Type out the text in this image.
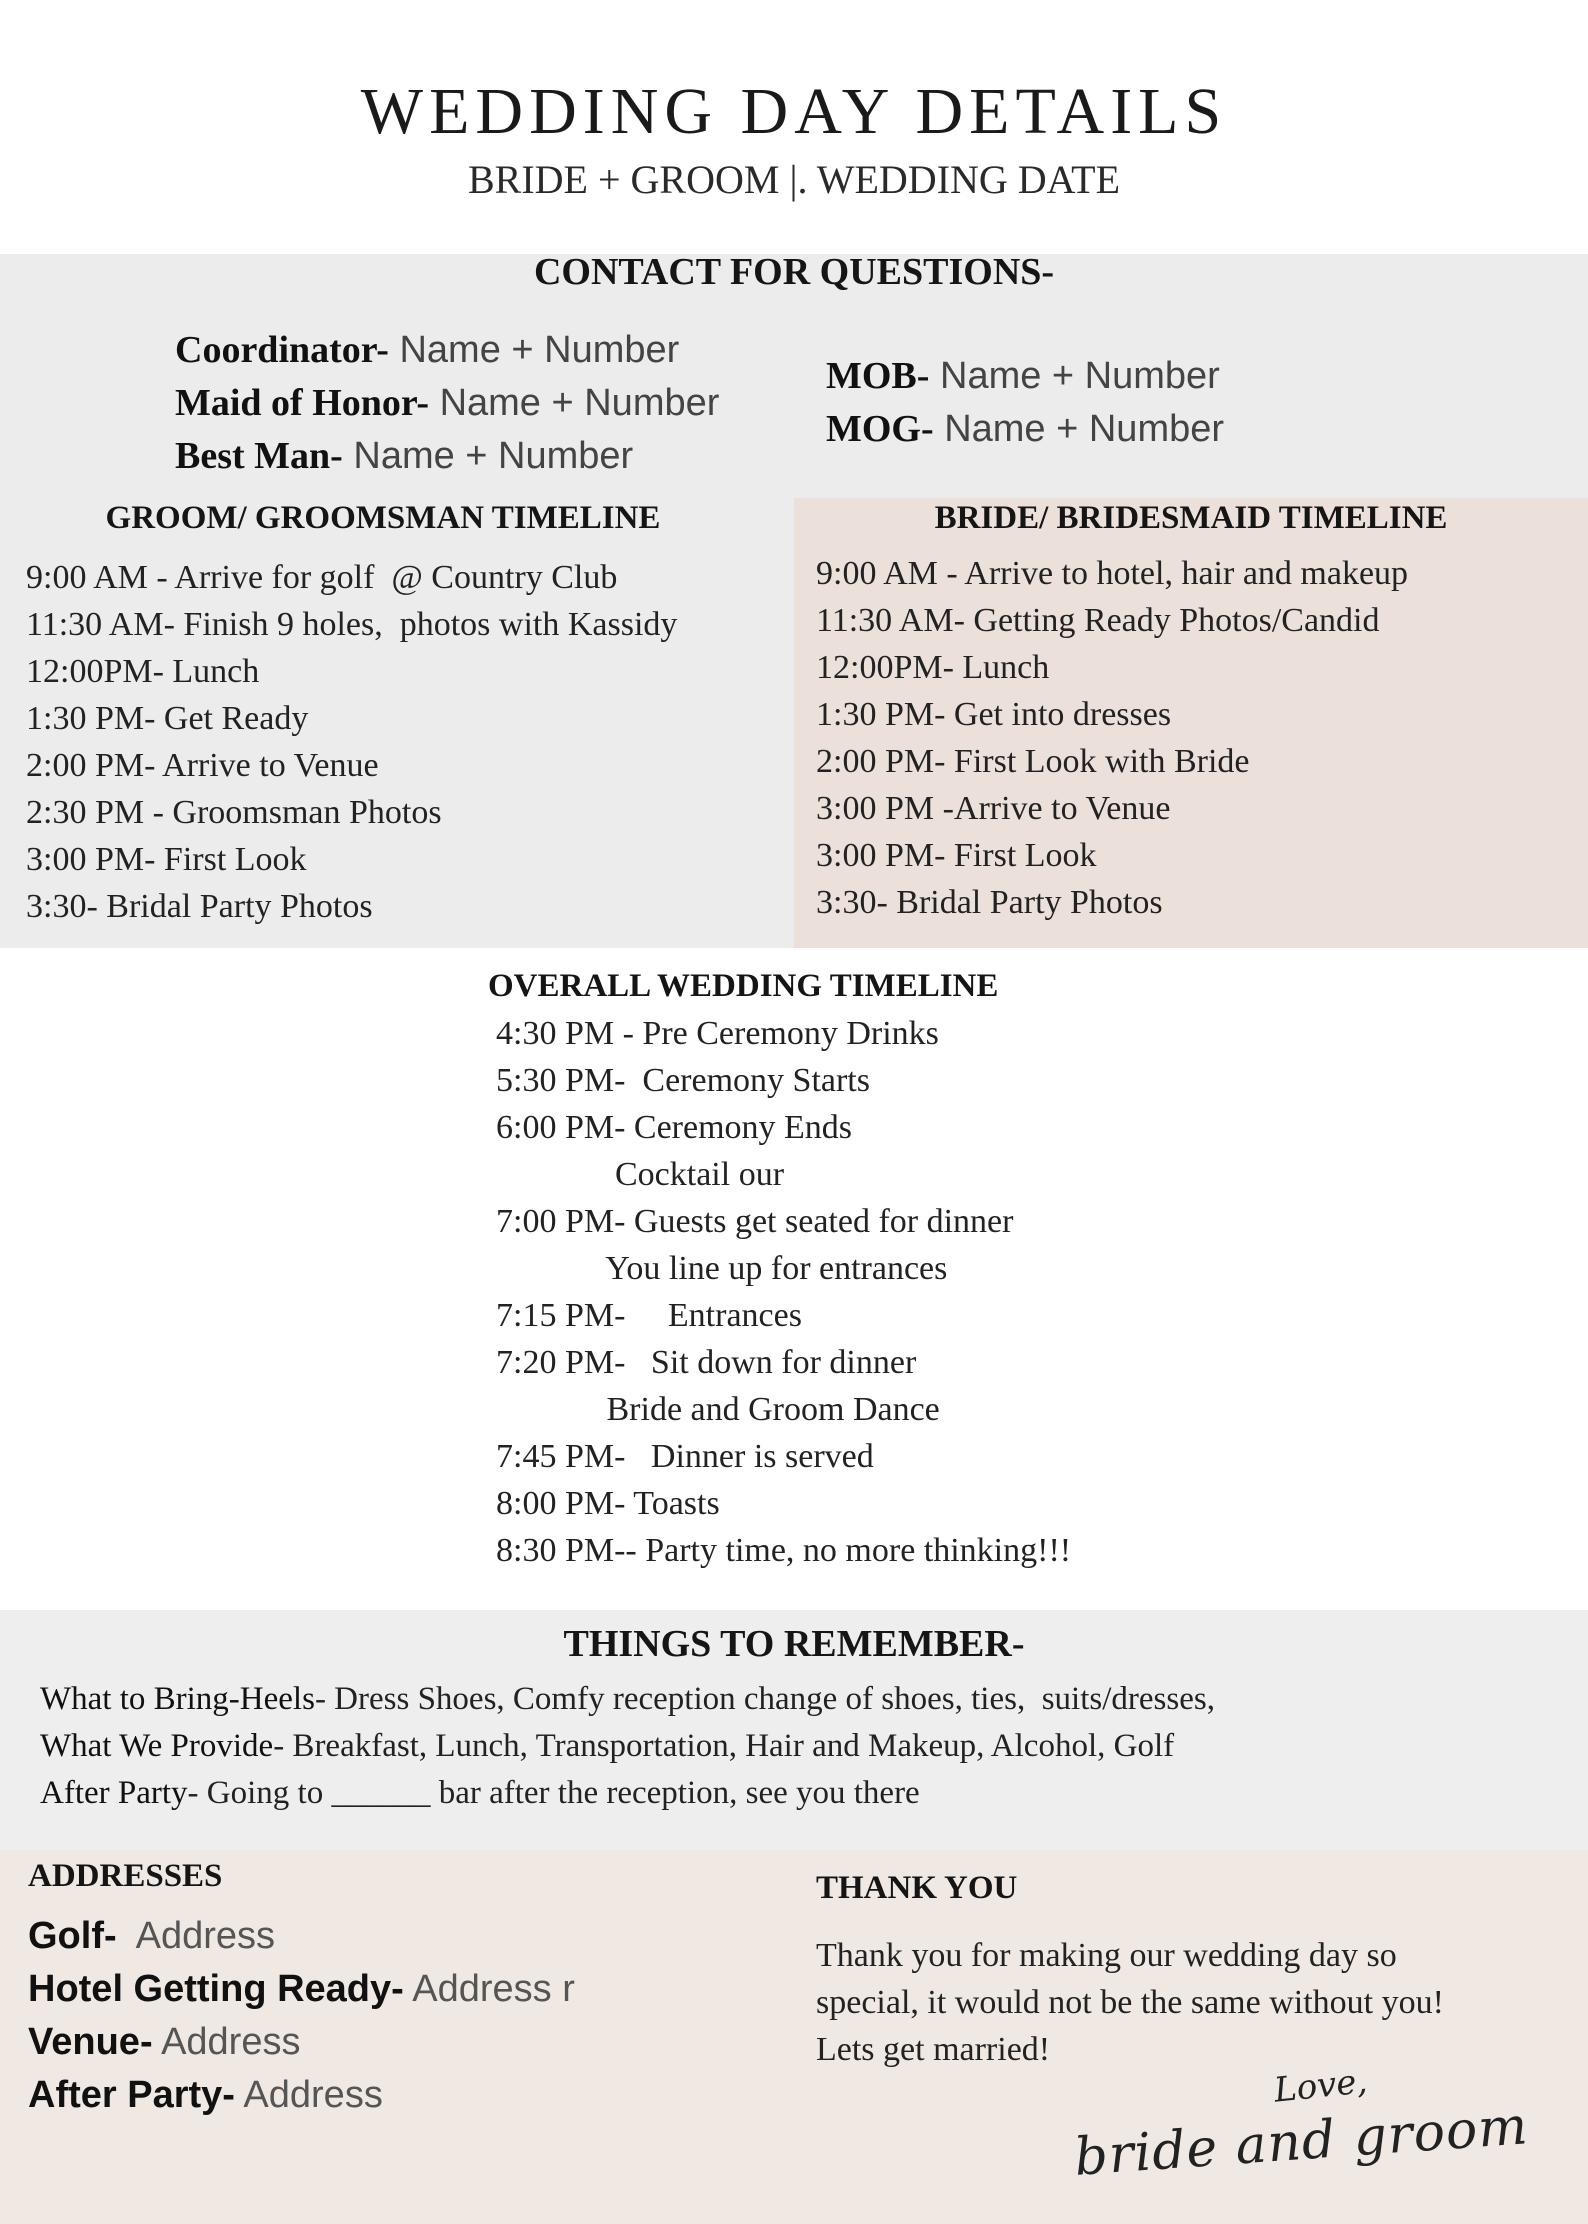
WEDDING DAY DETAILS
BRIDE + GROOM |. WEDDING DATE
CONTACT FOR QUESTIONS-
Coordinator- Name + Number
Maid of Honor- Name + Number
Best Man- Name + Number
MOB- Name + Number
MOG- Name + Number
GROOM/ GROOMSMAN TIMELINE
9:00 AM - Arrive for golf  @ Country Club
11:30 AM- Finish 9 holes,  photos with Kassidy
12:00PM- Lunch
1:30 PM- Get Ready
2:00 PM- Arrive to Venue
2:30 PM - Groomsman Photos
3:00 PM- First Look
3:30- Bridal Party Photos
BRIDE/ BRIDESMAID TIMELINE
9:00 AM - Arrive to hotel, hair and makeup
11:30 AM- Getting Ready Photos/Candid
12:00PM- Lunch
1:30 PM- Get into dresses
2:00 PM- First Look with Bride
3:00 PM -Arrive to Venue
3:00 PM- First Look
3:30- Bridal Party Photos
OVERALL WEDDING TIMELINE
4:30 PM - Pre Ceremony Drinks
5:30 PM-  Ceremony Starts
6:00 PM- Ceremony Ends
Cocktail our
7:00 PM- Guests get seated for dinner
You line up for entrances
7:15 PM-     Entrances
7:20 PM-   Sit down for dinner
Bride and Groom Dance
7:45 PM-   Dinner is served
8:00 PM- Toasts
8:30 PM-- Party time, no more thinking!!!
THINGS TO REMEMBER-
What to Bring-Heels- Dress Shoes, Comfy reception change of shoes, ties,  suits/dresses,
What We Provide- Breakfast, Lunch, Transportation, Hair and Makeup, Alcohol, Golf
After Party- Going to ______ bar after the reception, see you there
ADDRESSES
Golf-  Address
Hotel Getting Ready- Address r
Venue- Address
After Party- Address
THANK YOU
Thank you for making our wedding day so
special, it would not be the same without you!
Lets get married!
Love,
bride and groom
